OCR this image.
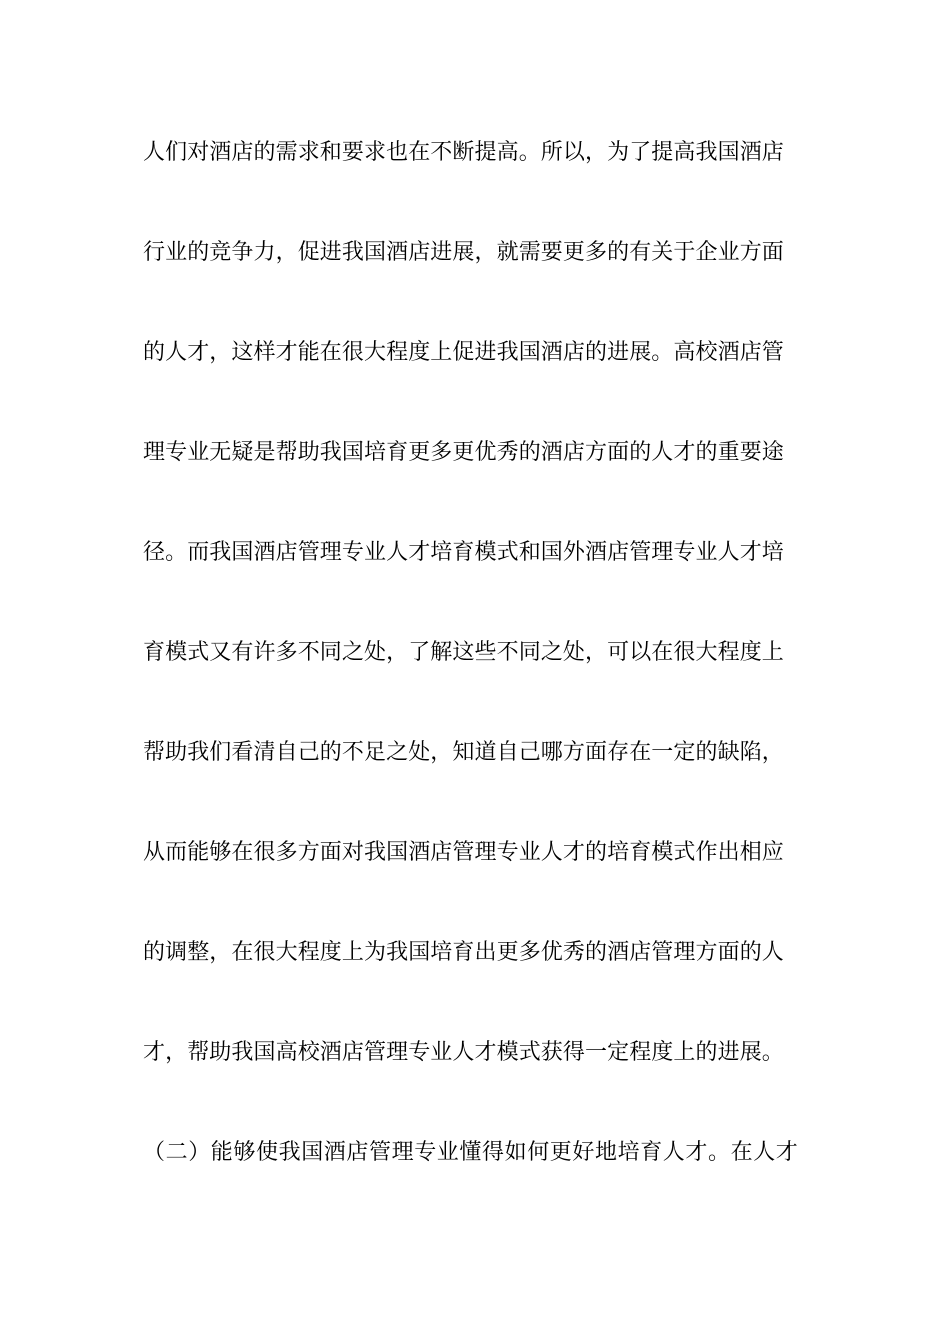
人们对酒店的需求和要求也在不断提高。所以，为了提高我国酒店
行业的竞争力，促进我国酒店进展，就需要更多的有关于企业方面
的人才，这样才能在很大程度上促进我国酒店的进展。高校酒店管
理专业无疑是帮助我国培育更多更优秀的酒店方面的人才的重要途
径。而我国酒店管理专业人才培育模式和国外酒店管理专业人才培
育模式又有许多不同之处，了解这些不同之处，可以在很大程度上
帮助我们看清自己的不足之处，知道自己哪方面存在一定的缺陷，
从而能够在很多方面对我国酒店管理专业人才的培育模式作出相应
的调整，在很大程度上为我国培育出更多优秀的酒店管理方面的人
才，帮助我国高校酒店管理专业人才模式获得一定程度上的进展。
（二）能够使我国酒店管理专业懂得如何更好地培育人才。在人才
